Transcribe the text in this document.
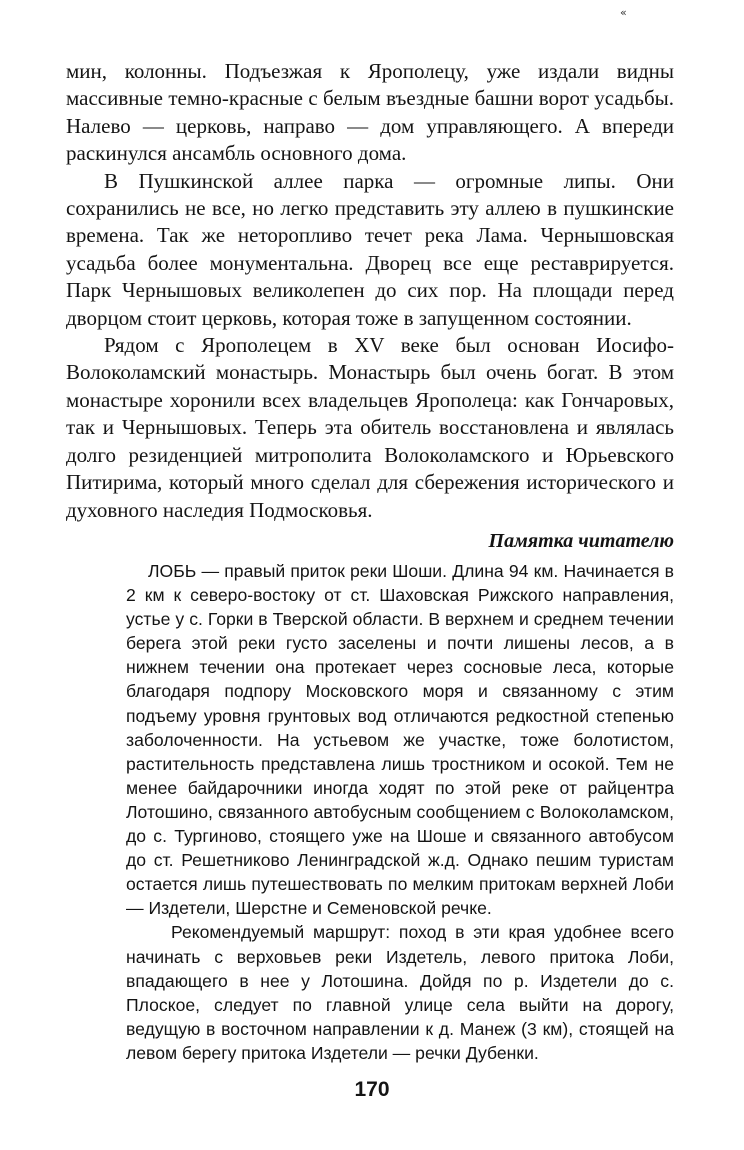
«

мин, колонны. Подъезжая к Ярополецу, уже издали видны массивные темно-красные с белым въездные башни ворот усадьбы. Налево — церковь, направо — дом управляющего. А впереди раскинулся ансамбль основного дома.

В Пушкинской аллее парка — огромные липы. Они сохранились не все, но легко представить эту аллею в пушкинские времена. Так же неторопливо течет река Лама. Чернышовская усадьба более монументальна. Дворец все еще реставрируется. Парк Чернышовых великолепен до сих пор. На площади перед дворцом стоит церковь, которая тоже в запущенном состоянии.

Рядом с Ярополецем в XV веке был основан Иосифо-Волоколамский монастырь. Монастырь был очень богат. В этом монастыре хоронили всех владельцев Ярополеца: как Гончаровых, так и Чернышовых. Теперь эта обитель восстановлена и являлась долго резиденцией митрополита Волоколамского и Юрьевского Питирима, который много сделал для сбережения исторического и духовного наследия Подмосковья.

Памятка читателю

ЛОБЬ — правый приток реки Шоши. Длина 94 км. Начинается в 2 км к северо-востоку от ст. Шаховская Рижского направления, устье у с. Горки в Тверской области. В верхнем и среднем течении берега этой реки густо заселены и почти лишены лесов, а в нижнем течении она протекает через сосновые леса, которые благодаря подпору Московского моря и связанному с этим подъему уровня грунтовых вод отличаются редкостной степенью заболоченности. На устьевом же участке, тоже болотистом, растительность представлена лишь тростником и осокой. Тем не менее байдарочники иногда ходят по этой реке от райцентра Лотошино, связанного автобусным сообщением с Волоколамском, до с. Тургиново, стоящего уже на Шоше и связанного автобусом до ст. Решетниково Ленинградской ж.д. Однако пешим туристам остается лишь путешествовать по мелким притокам верхней Лоби — Издетели, Шерстне и Семеновской речке.

Рекомендуемый маршрут: поход в эти края удобнее всего начинать с верховьев реки Издетель, левого притока Лоби, впадающего в нее у Лотошина. Дойдя по р. Издетели до с. Плоское, следует по главной улице села выйти на дорогу, ведущую в восточном направлении к д. Манеж (3 км), стоящей на левом берегу притока Издетели — речки Дубенки.

170
